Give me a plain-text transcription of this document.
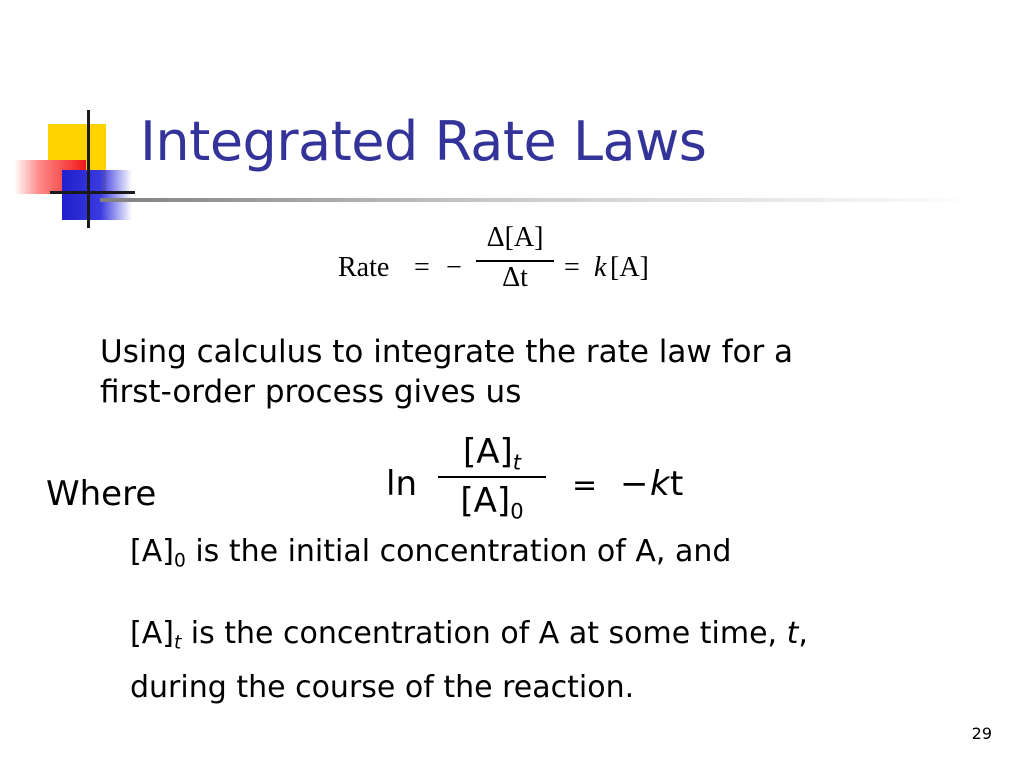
Integrated Rate Laws
Rate = −
Δ[A]
Δt	= k [A]
Using calculus to integrate the rate law for a
first-order process gives us
Where	ln
$[A]_t$
$[A]_0$
= − k t
$[A]_0$ is the initial concentration of A, and
$[A]_t$ is the concentration of A at some time, t,
during the course of the reaction.
29
